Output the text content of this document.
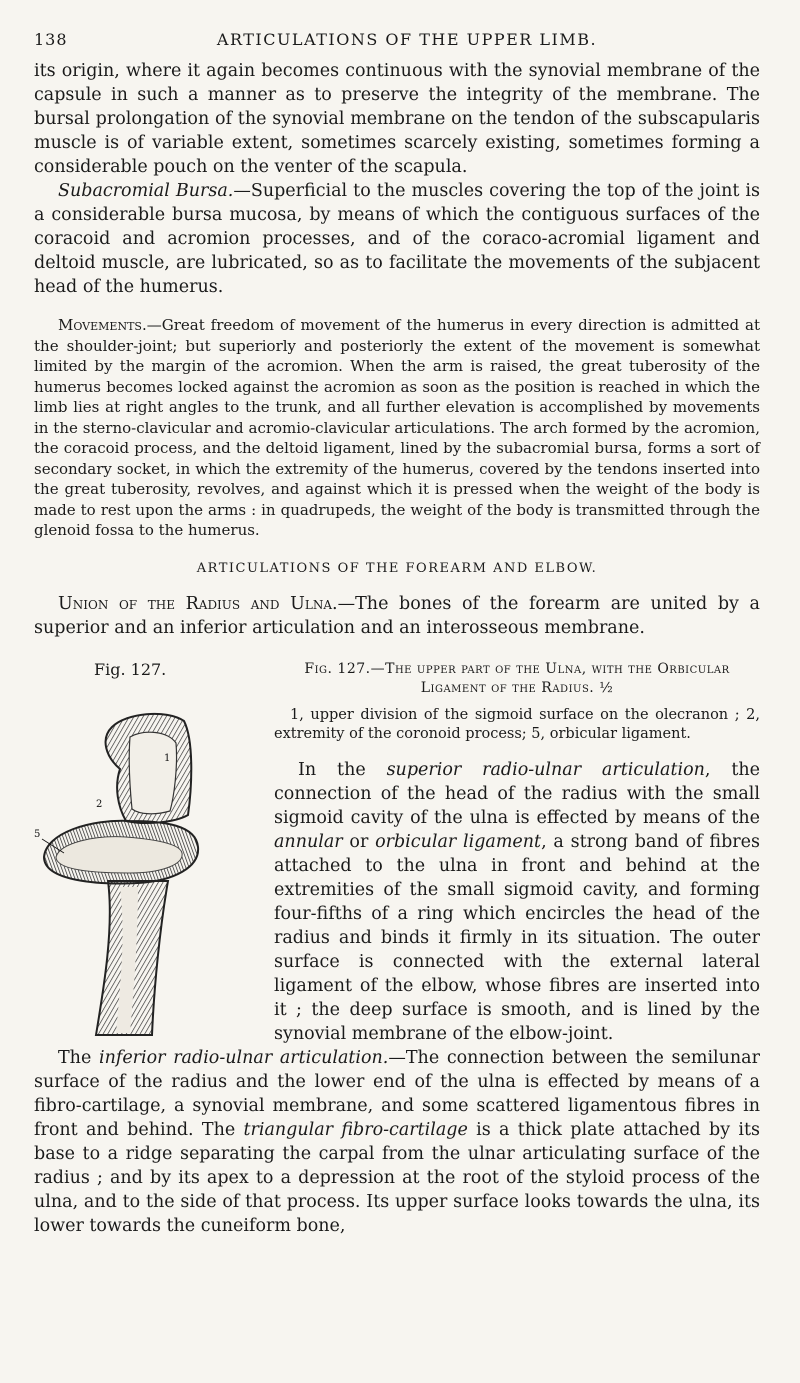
138	ARTICULATIONS OF THE UPPER LIMB.

its origin, where it again becomes continuous with the synovial membrane of the capsule in such a manner as to preserve the integrity of the membrane. The bursal prolongation of the synovial membrane on the tendon of the subscapularis muscle is of variable extent, sometimes scarcely existing, sometimes forming a considerable pouch on the venter of the scapula.

Subacromial Bursa.—Superficial to the muscles covering the top of the joint is a considerable bursa mucosa, by means of which the contiguous surfaces of the coracoid and acromion processes, and of the coraco-acromial ligament and deltoid muscle, are lubricated, so as to facilitate the movements of the subjacent head of the humerus.

Movements.—Great freedom of movement of the humerus in every direction is admitted at the shoulder-joint; but superiorly and posteriorly the extent of the movement is somewhat limited by the margin of the acromion. When the arm is raised, the great tuberosity of the humerus becomes locked against the acromion as soon as the position is reached in which the limb lies at right angles to the trunk, and all further elevation is accomplished by movements in the sterno-clavicular and acromio-clavicular articulations. The arch formed by the acromion, the coracoid process, and the deltoid ligament, lined by the subacromial bursa, forms a sort of secondary socket, in which the extremity of the humerus, covered by the tendons inserted into the great tuberosity, revolves, and against which it is pressed when the weight of the body is made to rest upon the arms : in quadrupeds, the weight of the body is transmitted through the glenoid fossa to the humerus.

ARTICULATIONS OF THE FOREARM AND ELBOW.

Union of the Radius and Ulna.—The bones of the forearm are united by a superior and an inferior articulation and an interosseous membrane.

Fig. 127.
1
2
5
Fig. 127.—The upper part of the Ulna, with the Orbicular Ligament of the Radius. ½

1, upper division of the sigmoid surface on the olecranon ; 2, extremity of the coronoid process; 5, orbicular ligament.

In the superior radio-ulnar articulation, the connection of the head of the radius with the small sigmoid cavity of the ulna is effected by means of the annular or orbicular ligament, a strong band of fibres attached to the ulna in front and behind at the extremities of the small sigmoid cavity, and forming four-fifths of a ring which encircles the head of the radius and binds it firmly in its situation. The outer surface is connected with the external lateral ligament of the elbow, whose fibres are inserted into it ; the deep surface is smooth, and is lined by the synovial membrane of the elbow-joint.

The inferior radio-ulnar articulation.—The connection between the semilunar surface of the radius and the lower end of the ulna is effected by means of a fibro-cartilage, a synovial membrane, and some scattered ligamentous fibres in front and behind. The triangular fibro-cartilage is a thick plate attached by its base to a ridge separating the carpal from the ulnar articulating surface of the radius ; and by its apex to a depression at the root of the styloid process of the ulna, and to the side of that process. Its upper surface looks towards the ulna, its lower towards the cuneiform bone,
